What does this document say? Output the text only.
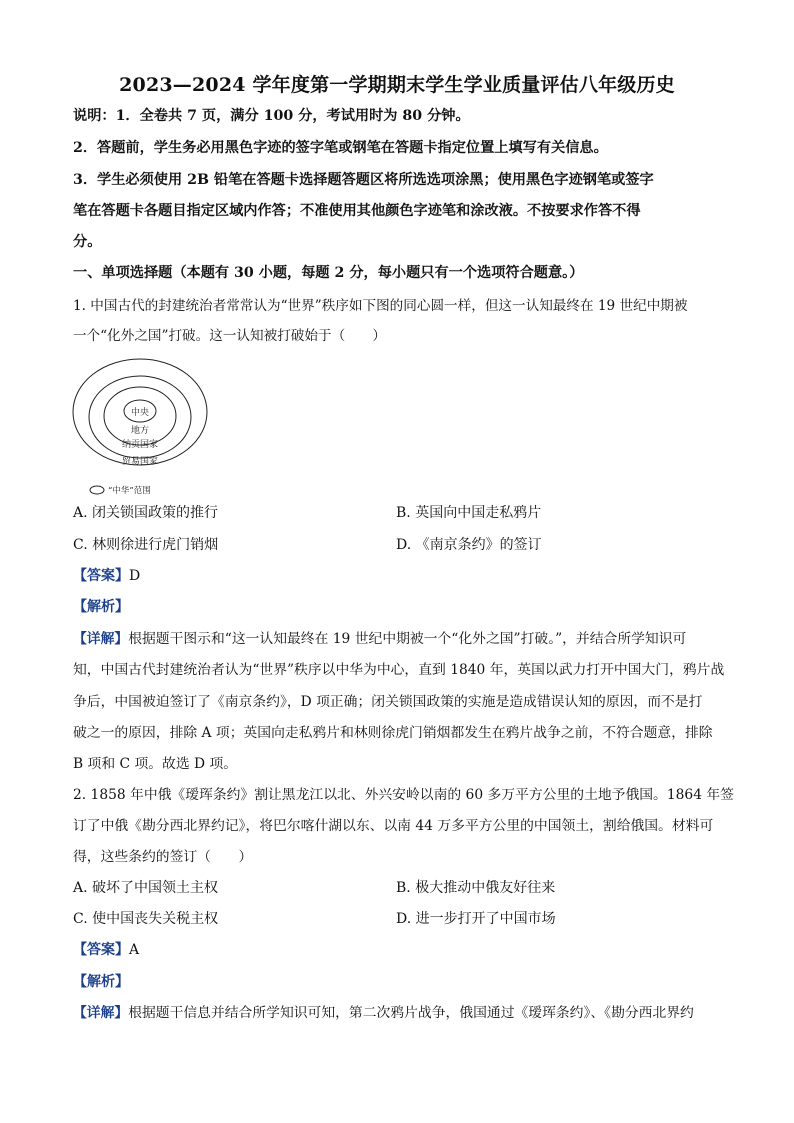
2023—2024 学年度第一学期期末学生学业质量评估八年级历史
说明：1．全卷共 7 页，满分 100 分，考试用时为 80 分钟。
2．答题前，学生务必用黑色字迹的签字笔或钢笔在答题卡指定位置上填写有关信息。
3．学生必须使用 2B 铅笔在答题卡选择题答题区将所选选项涂黑；使用黑色字迹钢笔或签字
笔在答题卡各题目指定区域内作答；不准使用其他颜色字迹笔和涂改液。不按要求作答不得
分。
一、单项选择题（本题有 30 小题，每题 2 分，每小题只有一个选项符合题意。）
1. 中国古代的封建统治者常常认为“世界”秩序如下图的同心圆一样，但这一认知最终在 19 世纪中期被
一个“化外之国”打破。这一认知被打破始于（　　）
中央
地方
纳贡国家
贸易国家
“中华”范围
A. 闭关锁国政策的推行	B. 英国向中国走私鸦片
C. 林则徐进行虎门销烟	D. 《南京条约》的签订
【答案】D
【解析】
【详解】根据题干图示和“这一认知最终在 19 世纪中期被一个“化外之国”打破。”，并结合所学知识可
知，中国古代封建统治者认为“世界”秩序以中华为中心，直到 1840 年，英国以武力打开中国大门，鸦片战
争后，中国被迫签订了《南京条约》，D 项正确；闭关锁国政策的实施是造成错误认知的原因，而不是打
破之一的原因，排除 A 项；英国向走私鸦片和林则徐虎门销烟都发生在鸦片战争之前，不符合题意，排除
B 项和 C 项。故选 D 项。
2. 1858 年中俄《瑷珲条约》割让黑龙江以北、外兴安岭以南的 60 多万平方公里的土地予俄国。1864 年签
订了中俄《勘分西北界约记》，将巴尔喀什湖以东、以南 44 万多平方公里的中国领土，割给俄国。材料可
得，这些条约的签订（　　）
A. 破坏了中国领土主权	B. 极大推动中俄友好往来
C. 使中国丧失关税主权	D. 进一步打开了中国市场
【答案】A
【解析】
【详解】根据题干信息并结合所学知识可知，第二次鸦片战争，俄国通过《瑷珲条约》、《勘分西北界约
